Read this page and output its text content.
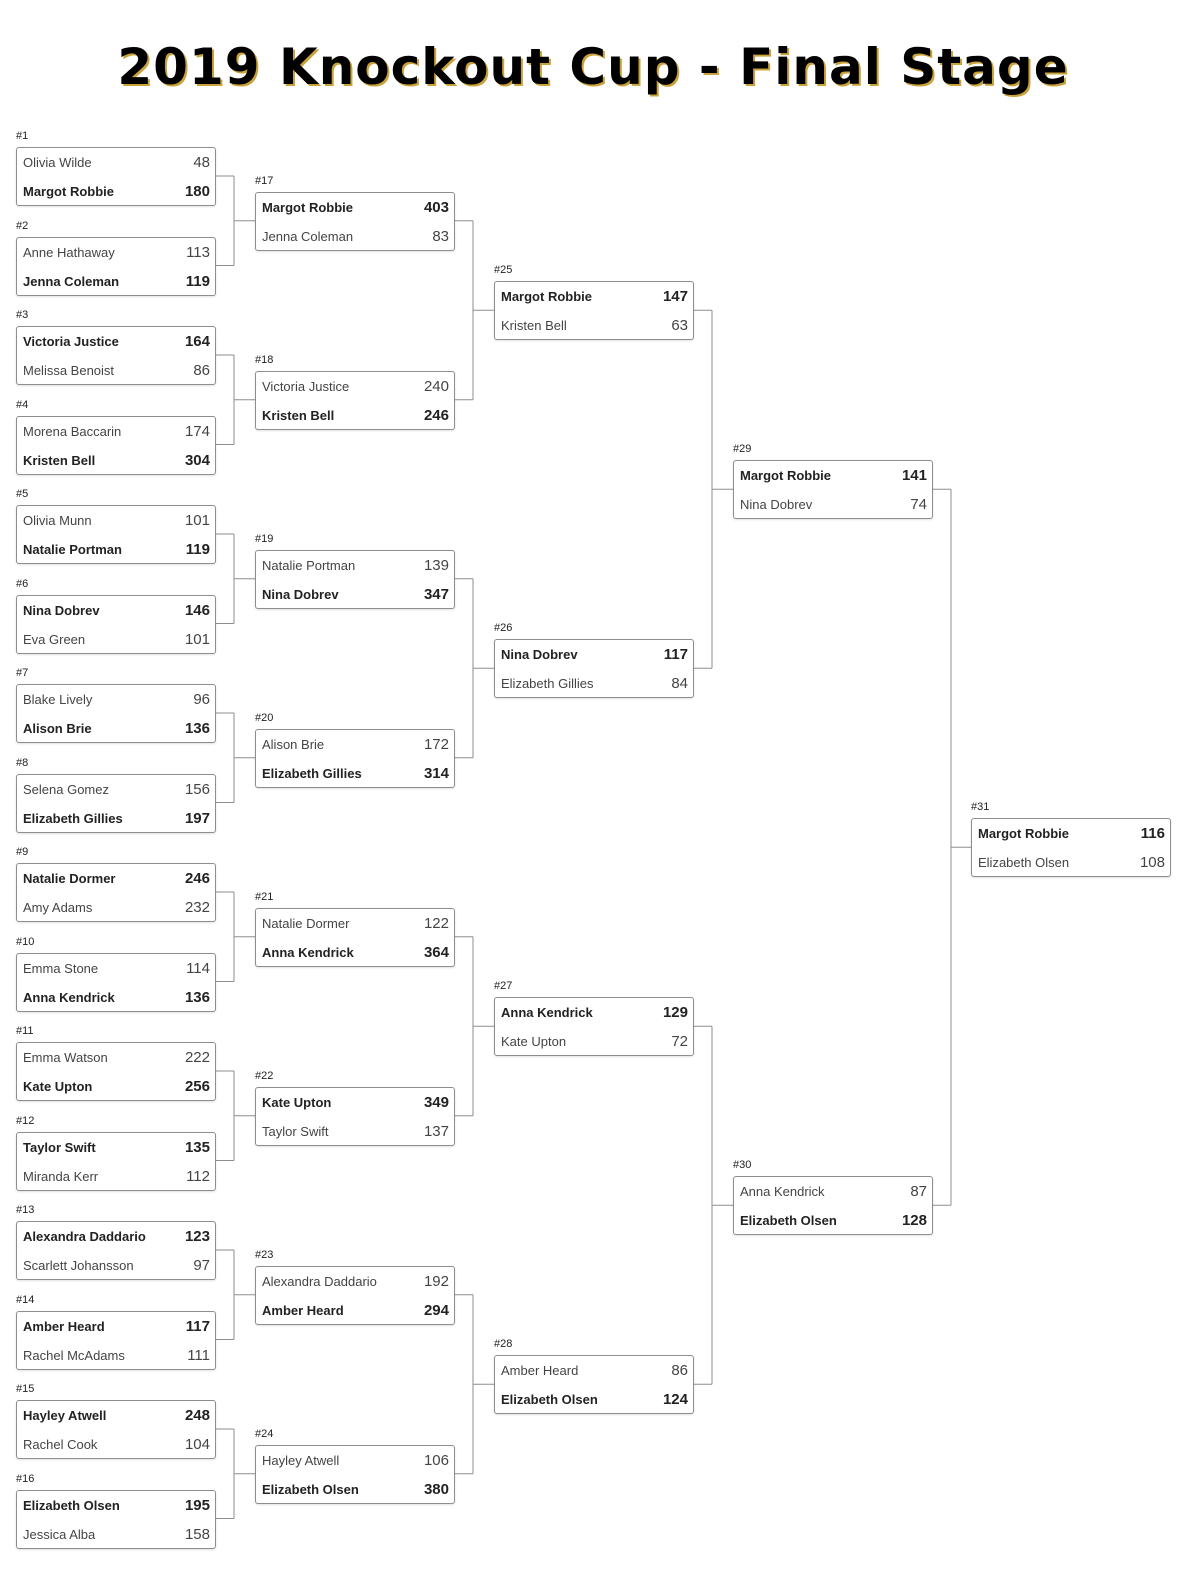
2019 Knockout Cup - Final Stage
#1
Olivia Wilde	48
Margot Robbie	180
#2
Anne Hathaway	113
Jenna Coleman	119
#3
Victoria Justice	164
Melissa Benoist	86
#4
Morena Baccarin	174
Kristen Bell	304
#5
Olivia Munn	101
Natalie Portman	119
#6
Nina Dobrev	146
Eva Green	101
#7
Blake Lively	96
Alison Brie	136
#8
Selena Gomez	156
Elizabeth Gillies	197
#9
Natalie Dormer	246
Amy Adams	232
#10
Emma Stone	114
Anna Kendrick	136
#11
Emma Watson	222
Kate Upton	256
#12
Taylor Swift	135
Miranda Kerr	112
#13
Alexandra Daddario	123
Scarlett Johansson	97
#14
Amber Heard	117
Rachel McAdams	111
#15
Hayley Atwell	248
Rachel Cook	104
#16
Elizabeth Olsen	195
Jessica Alba	158
#17
Margot Robbie	403
Jenna Coleman	83
#18
Victoria Justice	240
Kristen Bell	246
#19
Natalie Portman	139
Nina Dobrev	347
#20
Alison Brie	172
Elizabeth Gillies	314
#21
Natalie Dormer	122
Anna Kendrick	364
#22
Kate Upton	349
Taylor Swift	137
#23
Alexandra Daddario	192
Amber Heard	294
#24
Hayley Atwell	106
Elizabeth Olsen	380
#25
Margot Robbie	147
Kristen Bell	63
#26
Nina Dobrev	117
Elizabeth Gillies	84
#27
Anna Kendrick	129
Kate Upton	72
#28
Amber Heard	86
Elizabeth Olsen	124
#29
Margot Robbie	141
Nina Dobrev	74
#30
Anna Kendrick	87
Elizabeth Olsen	128
#31
Margot Robbie	116
Elizabeth Olsen	108
